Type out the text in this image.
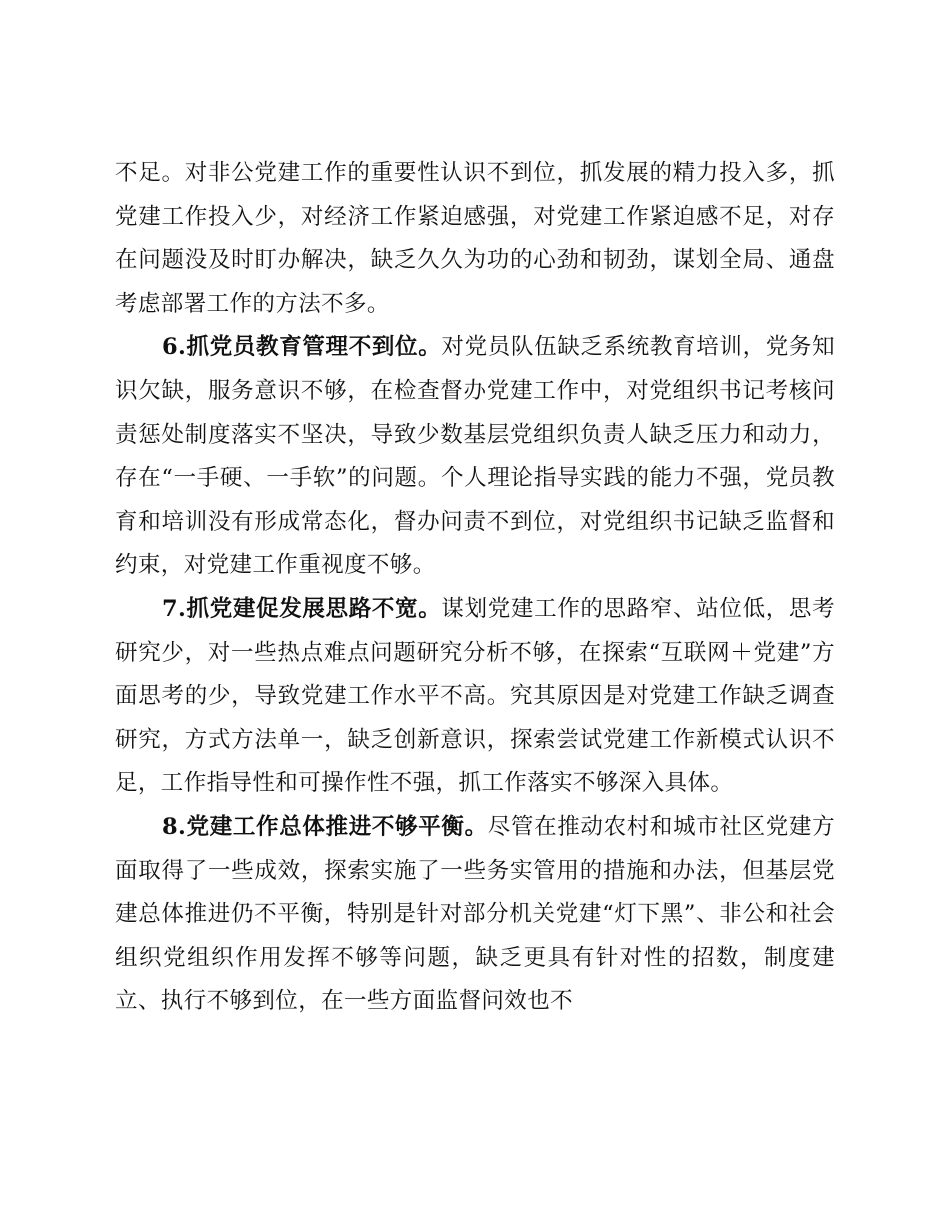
不足。对非公党建工作的重要性认识不到位，抓发展的精力投入多，抓党建工作投入少，对经济工作紧迫感强，对党建工作紧迫感不足，对存在问题没及时盯办解决，缺乏久久为功的心劲和韧劲，谋划全局、通盘考虑部署工作的方法不多。

6.抓党员教育管理不到位。对党员队伍缺乏系统教育培训，党务知识欠缺，服务意识不够，在检查督办党建工作中，对党组织书记考核问责惩处制度落实不坚决，导致少数基层党组织负责人缺乏压力和动力，存在“一手硬、一手软”的问题。个人理论指导实践的能力不强，党员教育和培训没有形成常态化，督办问责不到位，对党组织书记缺乏监督和约束，对党建工作重视度不够。

7.抓党建促发展思路不宽。谋划党建工作的思路窄、站位低，思考研究少，对一些热点难点问题研究分析不够，在探索“互联网＋党建”方面思考的少，导致党建工作水平不高。究其原因是对党建工作缺乏调查研究，方式方法单一，缺乏创新意识，探索尝试党建工作新模式认识不足，工作指导性和可操作性不强，抓工作落实不够深入具体。

8.党建工作总体推进不够平衡。尽管在推动农村和城市社区党建方面取得了一些成效，探索实施了一些务实管用的措施和办法，但基层党建总体推进仍不平衡，特别是针对部分机关党建“灯下黑”、非公和社会组织党组织作用发挥不够等问题，缺乏更具有针对性的招数，制度建立、执行不够到位，在一些方面监督问效也不
